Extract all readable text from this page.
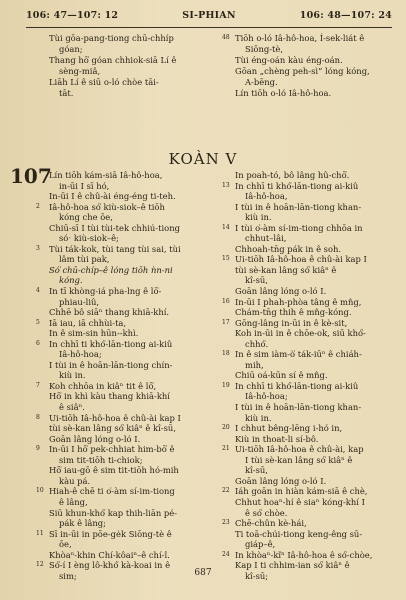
106: 47—107: 12	SI-PHIAN	106: 48—107: 24
Tùi gōa-pang-tiong chū-chhíp
góan;
Thang hō͘ góan chhiok-siā Lí ê
sèng-miâ,
Liāh Lí ê siū o-ló chòe tāi-
tāt.
48 Tiōh o-ló Iâ-hô-hoa, Í-sek-liát ê
Siōng-tè,
Tùi éng-oán kàu éng-oán.
Gōan „chèng peh-sì” lóng kóng,
A-bēng.
Lín tiōh o-ló Iâ-hô-hoa.
KOÀN V
107
Lín tiōh kám-siā Iâ-hô-hoa,
in-ūi I sī hó,
In-ūi I ê chû-ài éng-éng ti-teh.
2 Iâ-hô-hoa só͘ kiù-siok–ê tiōh
kóng che ōe,
Chiū-sī I tùi tùi-tek chhiú-tiong
sóˑ kiù-siok–ê;
3 Tùi ták-kok, tùi tang tùi sai, tùi
lâm tùi pak,
Só͘ chū-chíp–ê lóng tiōh ǹn-ni
kóng.
4 In tī khòng-iá pha-lng ê lō͘-
phiau-liû,
Chhē bô siāⁿ thang khiā-khí.
5 Iā iau, iā chhùi-ta,
In ê sim-sin hūn-‑khì.
6 In chhī ti khó͘-lān-tiong ai-kiû
Iâ-hô-hoa;
I tùi in ê hoān-lān-tiong chín-
kiù in.
7 Koh chhōa in kiâⁿ tit ê lō͘,
Hō͘ in khì kàu thang khiā-khí
ê siâⁿ.
8 Ui-tiōh Iâ-hô-hoa ê chû-ài kap I
tùi sè-kan lâng só͘ kiâⁿ ê kî-sū,
Goān lâng lóng o-ló I.
9 In-ūi I hō͘ pek-chhiat him-bō͘ ê
sim tit-tiōh ti-chiok;
Hō͘ iau-gō ê sim tit-tiōh hó-mih
kàu pá.
10 Hiah-ê chē ti o͘-àm sí-im-tiong
ê lâng,
Siū khun-khó͘ kap thih-liān pé-
pák ê lâng;
11 Sī in-ūi in pōe-gėk Siōng-tè ê
ōe,
Khòaⁿ-khin Chí-kôaiⁿ–ê chí-î.
12 Só͘-í I èng lô-khó͘ kà-koai in ê
sim;
In poah-tó, bô lâng hû-chō͘.
13 In chhī ti khó͘-lān-tiong ai-kiû
Iâ-hô-hoa,
I tùi in ê hoān-lān-tiong khan-
kiù in.
14 I tùi o͘-àm sí-im-tiong chhōa in
chhut–lâi,
Chhoah-tn̄g pák in ê soh.
15 Ui-tiōh Iâ-hô-hoa ê chû-ài kap I
tùi sè-kan lâng só͘ kiâⁿ ê
kî-sū,
Goān lâng lóng o-ló I.
16 In-ūi I phah-phòa tâng ê mn̂g,
Chám-tn̄g thih ê mn̂g-kóng.
17 Gōng-lâng in-ūi in ê kè-sit,
Koh in-ūi in ê chōe-ok, siū khó͘-
chhó͘.
18 In ê sim iàm-ò͘ ták-iūⁿ ê chiáh-
mih,
Chiū oá-kūn sí ê mn̂g.
19 In chhī ti khó͘-lān-tiong ai-kiû
Iâ-hô-hoa;
I tùi in ê hoān-lān-tiong khan-
kiù in.
20 I chhut bêng-lēng i-hó in,
Kiù in thoat-li sí-bô.
21 Ui-tiōh Iâ-hô-hoa ê chû-ài, kap
I tùi sè-kan lâng só͘ kiâⁿ ê
kî-sū,
Goān lâng lóng o-ló I.
22 Iáh goān in hiàn kám-siā ê chè,
Chhut hoaⁿ-hí ê siaⁿ kóng-khí I
ê só͘ chòe.
23 Chē-chûn kè-hái,
Ti toā-chúi-tiong keng-êng sū-
giáp–ê,
24 In khòaⁿ-kì͘ⁿ Iâ-hô-hoa ê só͘-chòe,
Kap I ti chhim-ian só͘ kiâⁿ ê
kî-sū;
687
